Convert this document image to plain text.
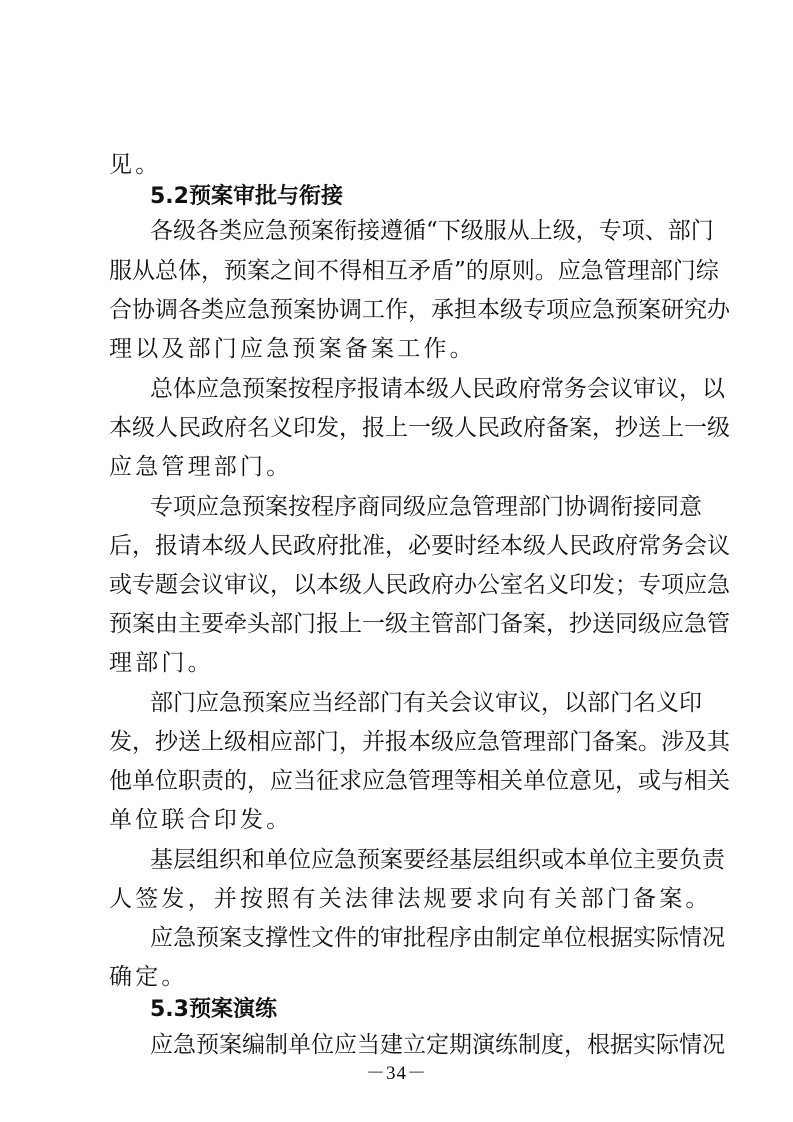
见。
5.2预案审批与衔接
各级各类应急预案衔接遵循“下级服从上级，专项、部门
服从总体，预案之间不得相互矛盾”的原则。应急管理部门综
合协调各类应急预案协调工作，承担本级专项应急预案研究办
理以及部门应急预案备案工作。
总体应急预案按程序报请本级人民政府常务会议审议，以
本级人民政府名义印发，报上一级人民政府备案，抄送上一级
应急管理部门。
专项应急预案按程序商同级应急管理部门协调衔接同意
后，报请本级人民政府批准，必要时经本级人民政府常务会议
或专题会议审议，以本级人民政府办公室名义印发；专项应急
预案由主要牵头部门报上一级主管部门备案，抄送同级应急管
理部门。
部门应急预案应当经部门有关会议审议，以部门名义印
发，抄送上级相应部门，并报本级应急管理部门备案。涉及其
他单位职责的，应当征求应急管理等相关单位意见，或与相关
单位联合印发。
基层组织和单位应急预案要经基层组织或本单位主要负责
人签发，并按照有关法律法规要求向有关部门备案。
应急预案支撑性文件的审批程序由制定单位根据实际情况
确定。
5.3预案演练
应急预案编制单位应当建立定期演练制度，根据实际情况
－34－
